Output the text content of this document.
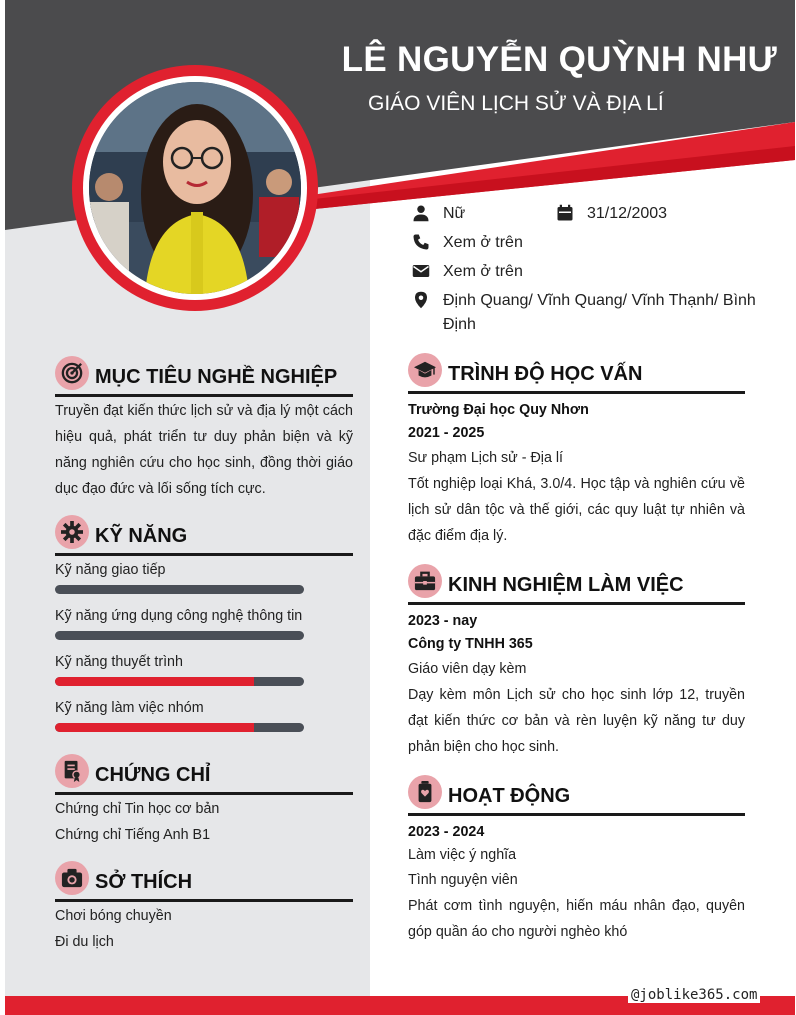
LÊ NGUYỄN QUỲNH NHƯ
GIÁO VIÊN LỊCH SỬ VÀ ĐỊA LÍ
Nữ	31/12/2003
Xem ở trên
Xem ở trên
Định Quang/ Vĩnh Quang/ Vĩnh Thạnh/ Bình
Định
MỤC TIÊU NGHỀ NGHIỆP
Truyền đạt kiến thức lịch sử và địa lý một cách hiệu quả, phát triển tư duy phản biện và kỹ năng nghiên cứu cho học sinh, đồng thời giáo dục đạo đức và lối sống tích cực.
KỸ NĂNG
Kỹ năng giao tiếp
Kỹ năng ứng dụng công nghệ thông tin
Kỹ năng thuyết trình
Kỹ năng làm việc nhóm
CHỨNG CHỈ
Chứng chỉ Tin học cơ bản
Chứng chỉ Tiếng Anh B1
SỞ THÍCH
Chơi bóng chuyền
Đi du lịch
TRÌNH ĐỘ HỌC VẤN
Trường Đại học Quy Nhơn
2021 - 2025
Sư phạm Lịch sử - Địa lí
Tốt nghiệp loại Khá, 3.0/4. Học tập và nghiên cứu về lịch sử dân tộc và thế giới, các quy luật tự nhiên và đặc điểm địa lý.
KINH NGHIỆM LÀM VIỆC
2023 - nay
Công ty TNHH 365
Giáo viên dạy kèm
Dạy kèm môn Lịch sử cho học sinh lớp 12, truyền đạt kiến thức cơ bản và rèn luyện kỹ năng tư duy phản biện cho học sinh.
HOẠT ĐỘNG
2023 - 2024
Làm việc ý nghĩa
Tình nguyện viên
Phát cơm tình nguyện, hiến máu nhân đạo, quyên góp quần áo cho người nghèo khó
@joblike365.com
